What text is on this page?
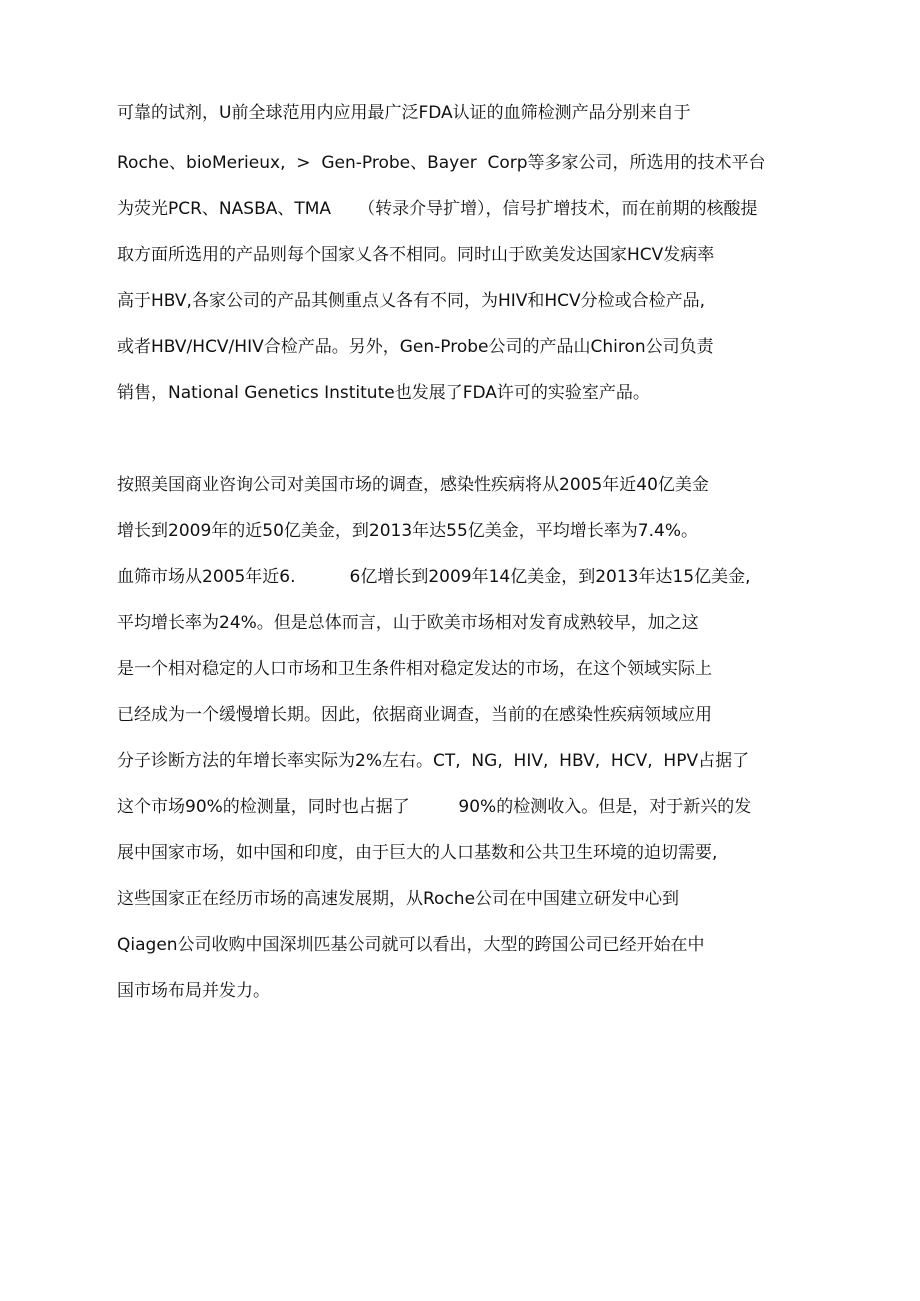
可靠的试剂，U前全球范用内应用最广泛FDA认证的血筛检测产品分别来自于
Roche、bioMerieux,  >  Gen-Probe、Bayer  Corp等多家公司，所选用的技术平台
为荧光PCR、NASBA、TMA     （转录介导扩增），信号扩增技术，而在前期的核酸提
取方面所选用的产品则每个国家乂各不相同。同时山于欧美发达国家HCV发病率
高于HBV,各家公司的产品其侧重点乂各有不同，为HIV和HCV分检或合检产品,
或者HBV/HCV/HIV合检产品。另外，Gen-Probe公司的产品山Chiron公司负责
销售，National Genetics Institute也发展了FDA许可的实验室产品。
按照美国商业咨询公司对美国市场的调查，感染性疾病将从2005年近40亿美金
增长到2009年的近50亿美金，到2013年达55亿美金，平均增长率为7.4%。
血筛市场从2005年近6.          6亿增长到2009年14亿美金，到2013年达15亿美金,
平均增长率为24%。但是总体而言，山于欧美市场相对发育成熟较早，加之这
是一个相对稳定的人口市场和卫生条件相对稳定发达的市场，在这个领域实际上
已经成为一个缓慢增长期。因此，依据商业调查，当前的在感染性疾病领域应用
分子诊断方法的年增长率实际为2%左右。CT,  NG,  HIV,  HBV,  HCV,  HPV占据了
这个市场90%的检测量，同时也占据了         90%的检测收入。但是，对于新兴的发
展中国家市场，如中国和印度，由于巨大的人口基数和公共卫生环境的迫切需要,
这些国家正在经历市场的高速发展期，从Roche公司在中国建立研发中心到
Qiagen公司收购中国深圳匹基公司就可以看出，大型的跨国公司已经开始在中
国市场布局并发力。
